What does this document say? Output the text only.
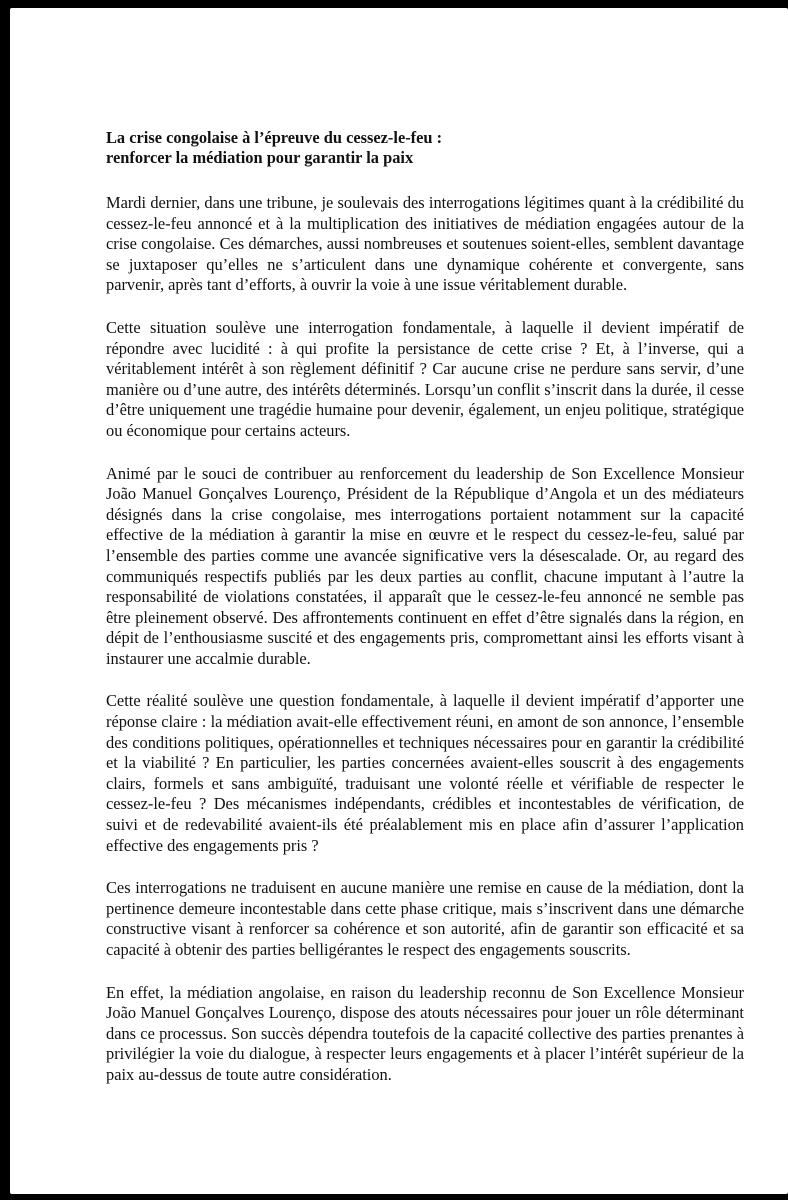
La crise congolaise à l’épreuve du cessez-le-feu :
renforcer la médiation pour garantir la paix

Mardi dernier, dans une tribune, je soulevais des interrogations légitimes quant à la crédibilité du cessez-le-feu annoncé et à la multiplication des initiatives de médiation engagées autour de la crise congolaise. Ces démarches, aussi nombreuses et soutenues soient-elles, semblent davantage se juxtaposer qu’elles ne s’articulent dans une dynamique cohérente et convergente, sans parvenir, après tant d’efforts, à ouvrir la voie à une issue véritablement durable.

Cette situation soulève une interrogation fondamentale, à laquelle il devient impératif de répondre avec lucidité : à qui profite la persistance de cette crise ? Et, à l’inverse, qui a véritablement intérêt à son règlement définitif ? Car aucune crise ne perdure sans servir, d’une manière ou d’une autre, des intérêts déterminés. Lorsqu’un conflit s’inscrit dans la durée, il cesse d’être uniquement une tragédie humaine pour devenir, également, un enjeu politique, stratégique ou économique pour certains acteurs.

Animé par le souci de contribuer au renforcement du leadership de Son Excellence Monsieur João Manuel Gonçalves Lourenço, Président de la République d’Angola et un des médiateurs désignés dans la crise congolaise, mes interrogations portaient notamment sur la capacité effective de la médiation à garantir la mise en œuvre et le respect du cessez-le-feu, salué par l’ensemble des parties comme une avancée significative vers la désescalade. Or, au regard des communiqués respectifs publiés par les deux parties au conflit, chacune imputant à l’autre la responsabilité de violations constatées, il apparaît que le cessez-le-feu annoncé ne semble pas être pleinement observé. Des affrontements continuent en effet d’être signalés dans la région, en dépit de l’enthousiasme suscité et des engagements pris, compromettant ainsi les efforts visant à instaurer une accalmie durable.

Cette réalité soulève une question fondamentale, à laquelle il devient impératif d’apporter une réponse claire : la médiation avait-elle effectivement réuni, en amont de son annonce, l’ensemble des conditions politiques, opérationnelles et techniques nécessaires pour en garantir la crédibilité et la viabilité ? En particulier, les parties concernées avaient-elles souscrit à des engagements clairs, formels et sans ambiguïté, traduisant une volonté réelle et vérifiable de respecter le cessez-le-feu ? Des mécanismes indépendants, crédibles et incontestables de vérification, de suivi et de redevabilité avaient-ils été préalablement mis en place afin d’assurer l’application effective des engagements pris ?

Ces interrogations ne traduisent en aucune manière une remise en cause de la médiation, dont la pertinence demeure incontestable dans cette phase critique, mais s’inscrivent dans une démarche constructive visant à renforcer sa cohérence et son autorité, afin de garantir son efficacité et sa capacité à obtenir des parties belligérantes le respect des engagements souscrits.

En effet, la médiation angolaise, en raison du leadership reconnu de Son Excellence Monsieur João Manuel Gonçalves Lourenço, dispose des atouts nécessaires pour jouer un rôle déterminant dans ce processus. Son succès dépendra toutefois de la capacité collective des parties prenantes à privilégier la voie du dialogue, à respecter leurs engagements et à placer l’intérêt supérieur de la paix au-dessus de toute autre considération.
